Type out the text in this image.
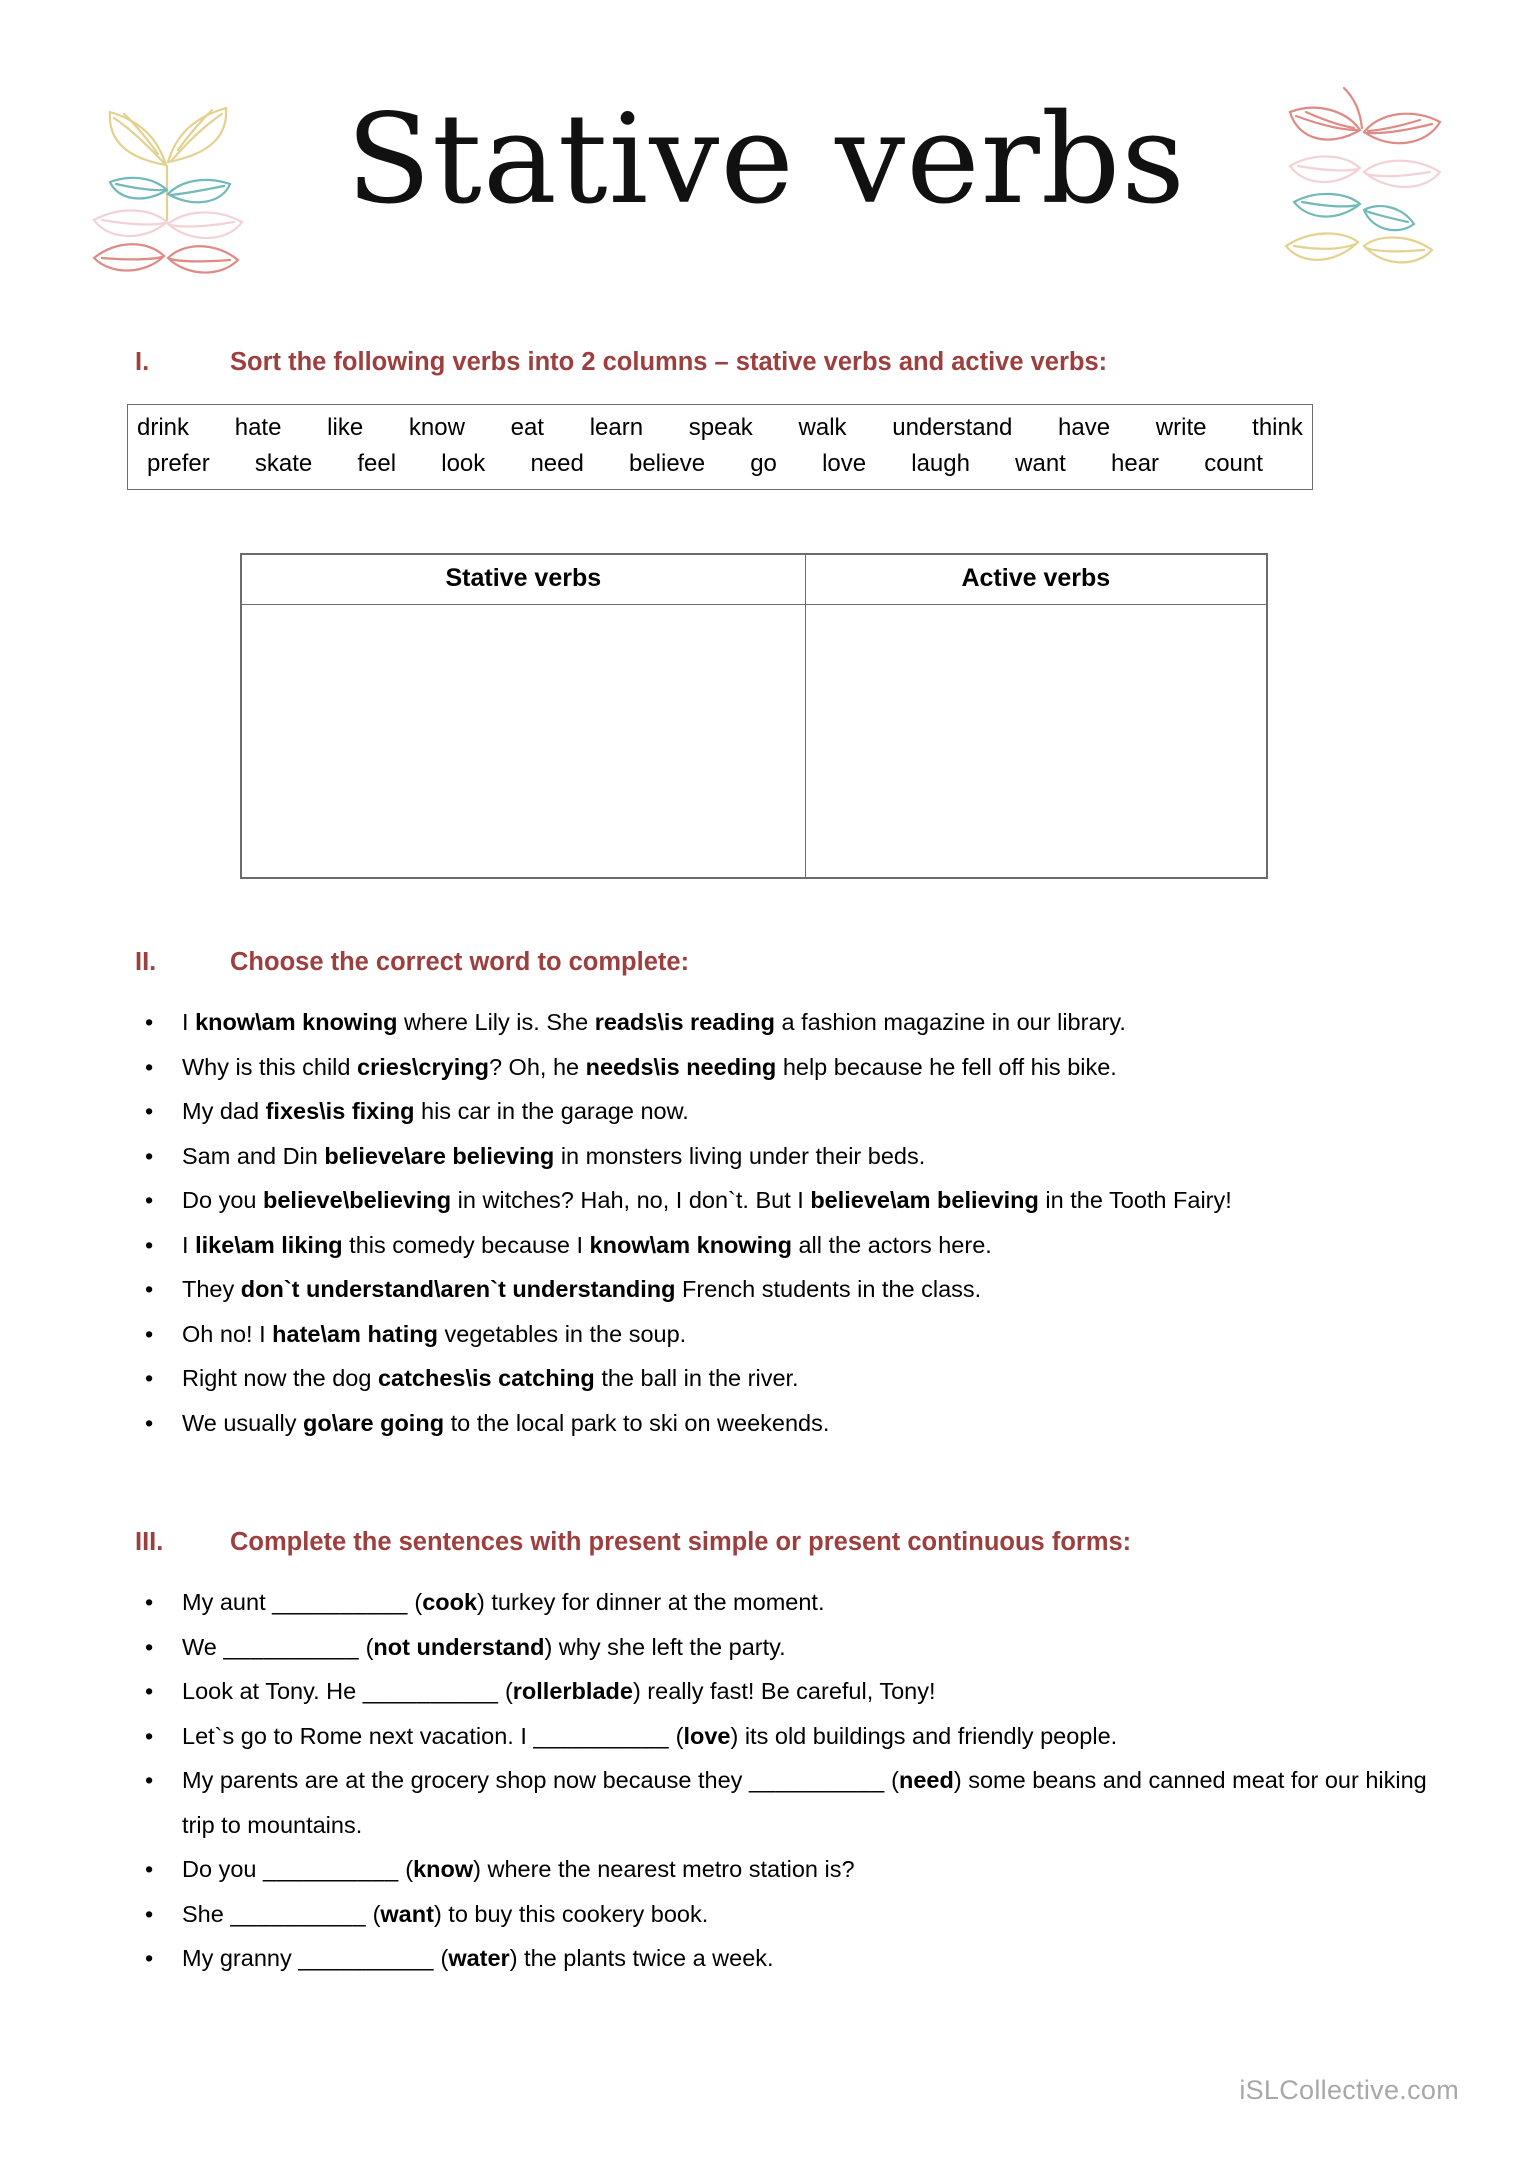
Stative verbs
I.	Sort the following verbs into 2 columns – stative verbs and active verbs:
drink hate like know eat learn speak walk understand have write think
prefer skate feel look need believe go love laugh want hear count
Stative verbs	Active verbs

II.	Choose the correct word to complete:
• I know\am knowing where Lily is. She reads\is reading a fashion magazine in our library.
• Why is this child cries\crying? Oh, he needs\is needing help because he fell off his bike.
• My dad fixes\is fixing his car in the garage now.
• Sam and Din believe\are believing in monsters living under their beds.
• Do you believe\believing in witches? Hah, no, I don`t. But I believe\am believing in the Tooth Fairy!
• I like\am liking this comedy because I know\am knowing all the actors here.
• They don`t understand\aren`t understanding French students in the class.
• Oh no! I hate\am hating vegetables in the soup.
• Right now the dog catches\is catching the ball in the river.
• We usually go\are going to the local park to ski on weekends.
III.	Complete the sentences with present simple or present continuous forms:
• My aunt __________ (cook) turkey for dinner at the moment.
• We __________ (not understand) why she left the party.
• Look at Tony. He __________ (rollerblade) really fast! Be careful, Tony!
• Let`s go to Rome next vacation. I __________ (love) its old buildings and friendly people.
• My parents are at the grocery shop now because they __________ (need) some beans and canned meat for our hiking trip to mountains.
• Do you __________ (know) where the nearest metro station is?
• She __________ (want) to buy this cookery book.
• My granny __________ (water) the plants twice a week.
iSLCollective.com
